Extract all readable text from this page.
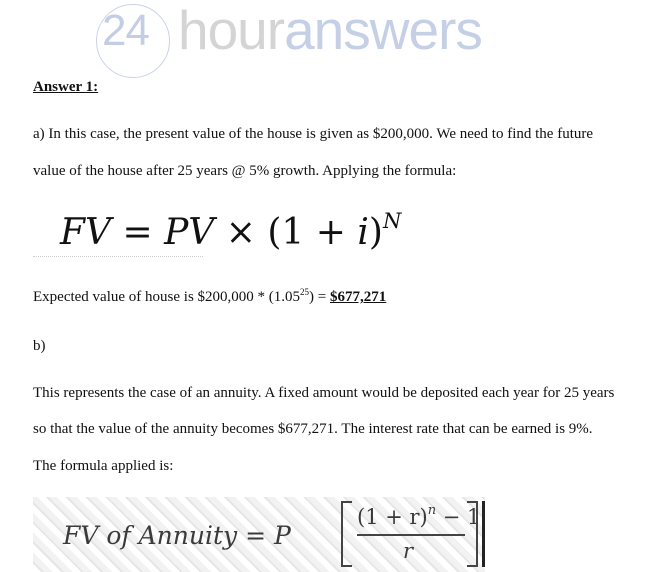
24 houranswers
Answer 1:
a) In this case, the present value of the house is given as $200,000. We need to find the future
value of the house after 25 years @ 5% growth. Applying the formula:
FV = PV × $(1 + i)^N$
Expected value of house is $200,000 * $(1.05^{25})$ = $677,271
b)
This represents the case of an annuity. A fixed amount would be deposited each year for 25 years
so that the value of the annuity becomes $677,271. The interest rate that can be earned is 9%.
The formula applied is:
FV of Annuity = P
$(1 + r)^n - 1$
r
